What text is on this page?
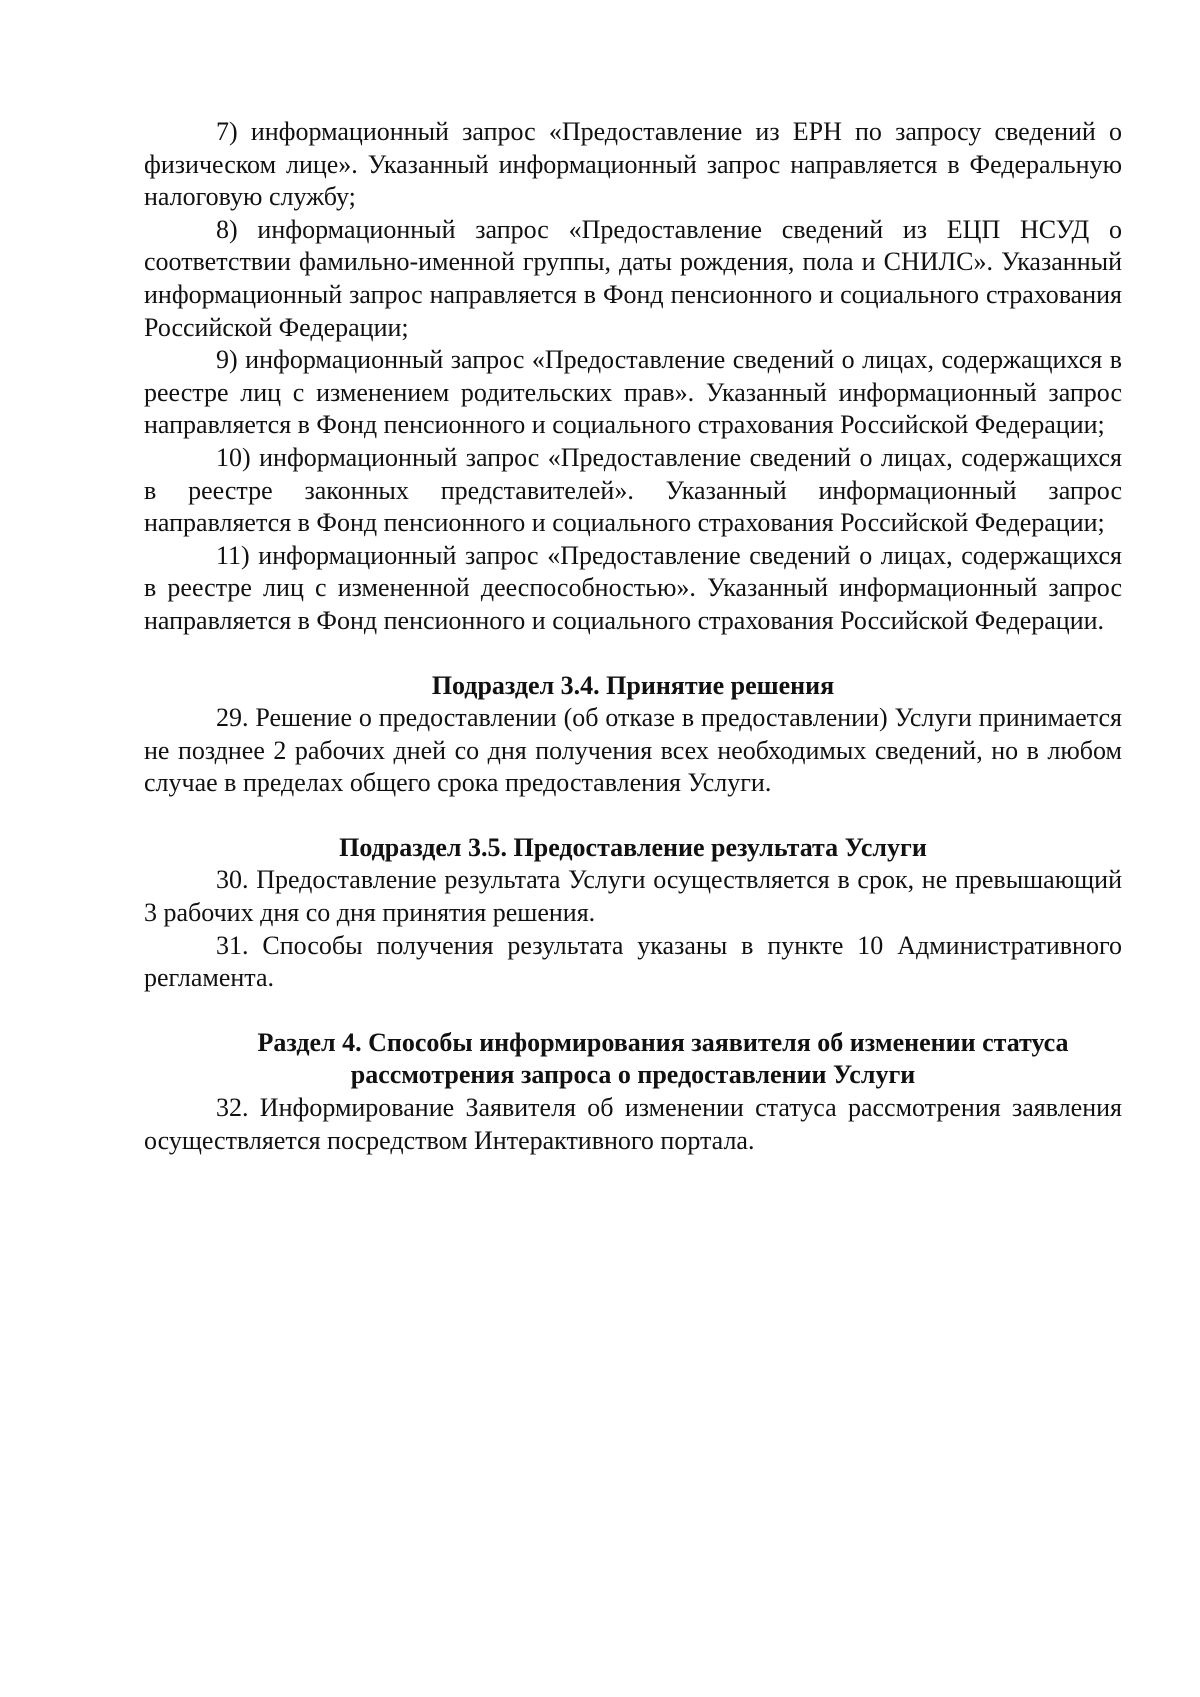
7) информационный запрос «Предоставление из ЕРН по запросу сведений о физическом лице». Указанный информационный запрос направляется в Федеральную налоговую службу;

8) информационный запрос «Предоставление сведений из ЕЦП НСУД о соответствии фамильно-именной группы, даты рождения, пола и СНИЛС». Указанный информационный запрос направляется в Фонд пенсионного и социального страхования Российской Федерации;

9) информационный запрос «Предоставление сведений о лицах, содержащихся в реестре лиц с изменением родительских прав». Указанный информационный запрос направляется в Фонд пенсионного и социального страхования Российской Федерации;

10) информационный запрос «Предоставление сведений о лицах, содержащихся в реестре законных представителей». Указанный информационный запрос направляется в Фонд пенсионного и социального страхования Российской Федерации;

11) информационный запрос «Предоставление сведений о лицах, содержащихся в реестре лиц с измененной дееспособностью». Указанный информационный запрос направляется в Фонд пенсионного и социального страхования Российской Федерации.

Подраздел 3.4. Принятие решения

29. Решение о предоставлении (об отказе в предоставлении) Услуги принимается не позднее 2 рабочих дней со дня получения всех необходимых сведений, но в любом случае в пределах общего срока предоставления Услуги.

Подраздел 3.5. Предоставление результата Услуги

30. Предоставление результата Услуги осуществляется в срок, не превышающий 3 рабочих дня со дня принятия решения.

31. Способы получения результата указаны в пункте 10 Административного регламента.

Раздел 4. Способы информирования заявителя об изменении статуса

рассмотрения запроса о предоставлении Услуги

32. Информирование Заявителя об изменении статуса рассмотрения заявления осуществляется посредством Интерактивного портала.
